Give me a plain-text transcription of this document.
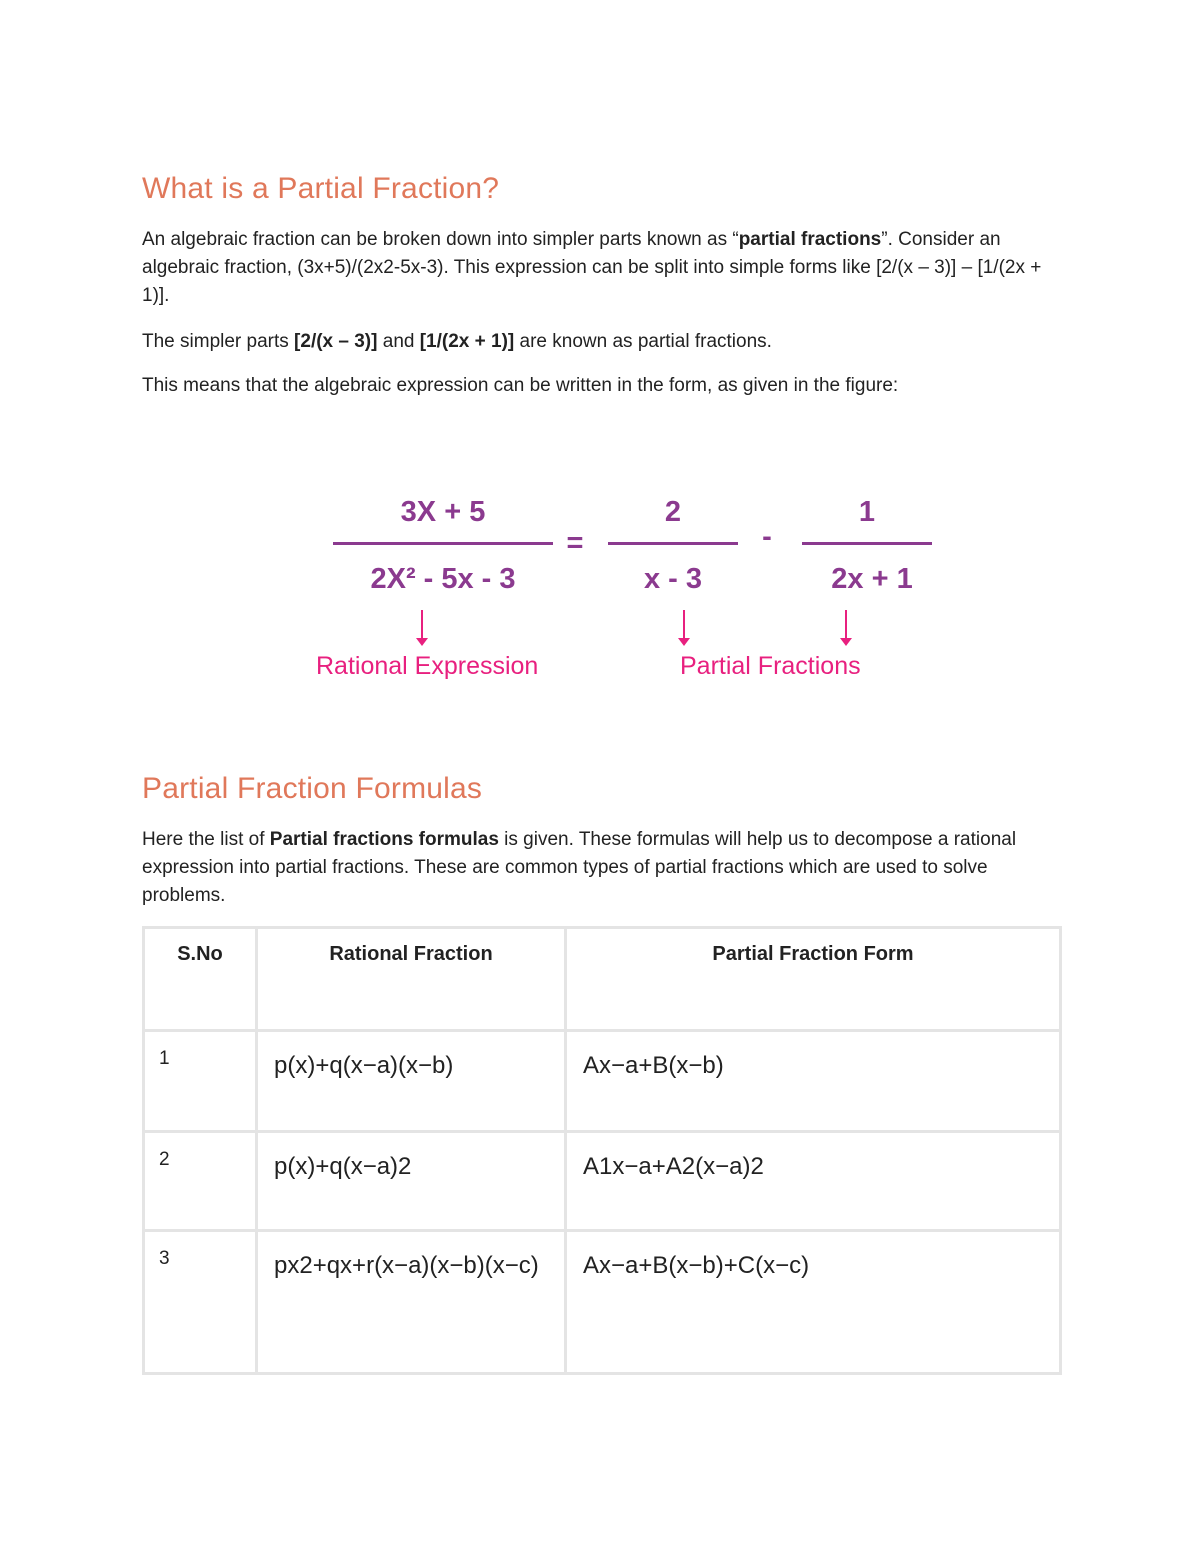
What is a Partial Fraction?

An algebraic fraction can be broken down into simpler parts known as “partial fractions”. Consider an algebraic fraction, (3x+5)/(2x2-5x-3). This expression can be split into simple forms like [2/(x – 3)] – [1/(2x + 1)].

The simpler parts [2/(x – 3)] and [1/(2x + 1)] are known as partial fractions.

This means that the algebraic expression can be written in the form, as given in the figure:

Partial Fraction Formulas

Here the list of Partial fractions formulas is given. These formulas will help us to decompose a rational expression into partial fractions. These are common types of partial fractions which are used to solve problems.

3X + 5
2X² - 5x - 3
=
2
x - 3
-
1
2x + 1
Rational Expression	Partial Fractions
S.No	Rational Fraction	Partial Fraction Form
1	p(x)+q(x−a)(x−b)	Ax−a+B(x−b)
2	p(x)+q(x−a)2	A1x−a+A2(x−a)2
3	px2+qx+r(x−a)(x−b)(x−c)	Ax−a+B(x−b)+C(x−c)
